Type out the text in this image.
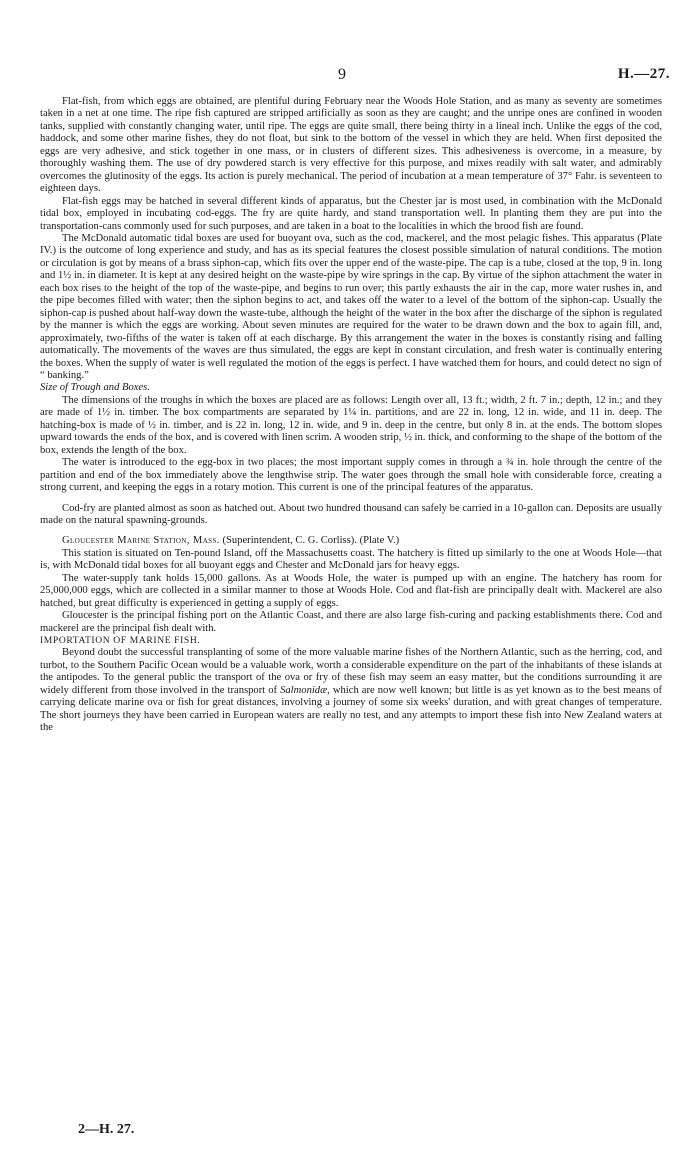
9	H.—27.

Flat-fish, from which eggs are obtained, are plentiful during February near the Woods Hole Station, and as many as seventy are sometimes taken in a net at one time. The ripe fish captured are stripped artificially as soon as they are caught; and the unripe ones are confined in wooden tanks, supplied with constantly changing water, until ripe. The eggs are quite small, there being thirty in a lineal inch. Unlike the eggs of the cod, haddock, and some other marine fishes, they do not float, but sink to the bottom of the vessel in which they are held. When first deposited the eggs are very adhesive, and stick together in one mass, or in clusters of different sizes. This adhesiveness is overcome, in a measure, by thoroughly washing them. The use of dry powdered starch is very effective for this purpose, and mixes readily with salt water, and admirably overcomes the glutinosity of the eggs. Its action is purely mechanical. The period of incubation at a mean temperature of 37° Fahr. is seventeen to eighteen days.

Flat-fish eggs may be hatched in several different kinds of apparatus, but the Chester jar is most used, in combination with the McDonald tidal box, employed in incubating cod-eggs. The fry are quite hardy, and stand transportation well. In planting them they are put into the transportation-cans commonly used for such purposes, and are taken in a boat to the localities in which the brood fish are found.

The McDonald automatic tidal boxes are used for buoyant ova, such as the cod, mackerel, and the most pelagic fishes. This apparatus (Plate IV.) is the outcome of long experience and study, and has as its special features the closest possible simulation of natural conditions. The motion or circulation is got by means of a brass siphon-cap, which fits over the upper end of the waste-pipe. The cap is a tube, closed at the top, 9 in. long and 1½ in. in diameter. It is kept at any desired height on the waste-pipe by wire springs in the cap. By virtue of the siphon attachment the water in each box rises to the height of the top of the waste-pipe, and begins to run over; this partly exhausts the air in the cap, more water rushes in, and the pipe becomes filled with water; then the siphon begins to act, and takes off the water to a level of the bottom of the siphon-cap. Usually the siphon-cap is pushed about half-way down the waste-tube, although the height of the water in the box after the discharge of the siphon is regulated by the manner is which the eggs are working. About seven minutes are required for the water to be drawn down and the box to again fill, and, approximately, two-fifths of the water is taken off at each discharge. By this arrangement the water in the boxes is constantly rising and falling automatically. The movements of the waves are thus simulated, the eggs are kept in constant circulation, and fresh water is continually entering the boxes. When the supply of water is well regulated the motion of the eggs is perfect. I have watched them for hours, and could detect no sign of “ banking.”

Size of Trough and Boxes.

The dimensions of the troughs in which the boxes are placed are as follows: Length over all, 13 ft.; width, 2 ft. 7 in.; depth, 12 in.; and they are made of 1½ in. timber. The box compartments are separated by 1¼ in. partitions, and are 22 in. long, 12 in. wide, and 11 in. deep. The hatching-box is made of ½ in. timber, and is 22 in. long, 12 in. wide, and 9 in. deep in the centre, but only 8 in. at the ends. The bottom slopes upward towards the ends of the box, and is covered with linen scrim. A wooden strip, ½ in. thick, and conforming to the shape of the bottom of the box, extends the length of the box.

The water is introduced to the egg-box in two places; the most important supply comes in through a ¾ in. hole through the centre of the partition and end of the box immediately above the lengthwise strip. The water goes through the small hole with considerable force, creating a strong current, and keeping the eggs in a rotary motion. This current is one of the principal features of the apparatus.

Cod-fry are planted almost as soon as hatched out. About two hundred thousand can safely be carried in a 10-gallon can. Deposits are usually made on the natural spawning-grounds.

Gloucester Marine Station, Mass. (Superintendent, C. G. Corliss). (Plate V.)

This station is situated on Ten-pound Island, off the Massachusetts coast. The hatchery is fitted up similarly to the one at Woods Hole—that is, with McDonald tidal boxes for all buoyant eggs and Chester and McDonald jars for heavy eggs.

The water-supply tank holds 15,000 gallons. As at Woods Hole, the water is pumped up with an engine. The hatchery has room for 25,000,000 eggs, which are collected in a similar manner to those at Woods Hole. Cod and flat-fish are principally dealt with. Mackerel are also hatched, but great difficulty is experienced in getting a supply of eggs.

Gloucester is the principal fishing port on the Atlantic Coast, and there are also large fish-curing and packing establishments there. Cod and mackerel are the principal fish dealt with.

IMPORTATION OF MARINE FISH.

Beyond doubt the successful transplanting of some of the more valuable marine fishes of the Northern Atlantic, such as the herring, cod, and turbot, to the Southern Pacific Ocean would be a valuable work, worth a considerable expenditure on the part of the inhabitants of these islands at the antipodes. To the general public the transport of the ova or fry of these fish may seem an easy matter, but the conditions surrounding it are widely different from those involved in the transport of Salmonidæ, which are now well known; but little is as yet known as to the best means of carrying delicate marine ova or fish for great distances, involving a journey of some six weeks' duration, and with great changes of temperature. The short journeys they have been carried in European waters are really no test, and any attempts to import these fish into New Zealand waters at the

2—H. 27.
